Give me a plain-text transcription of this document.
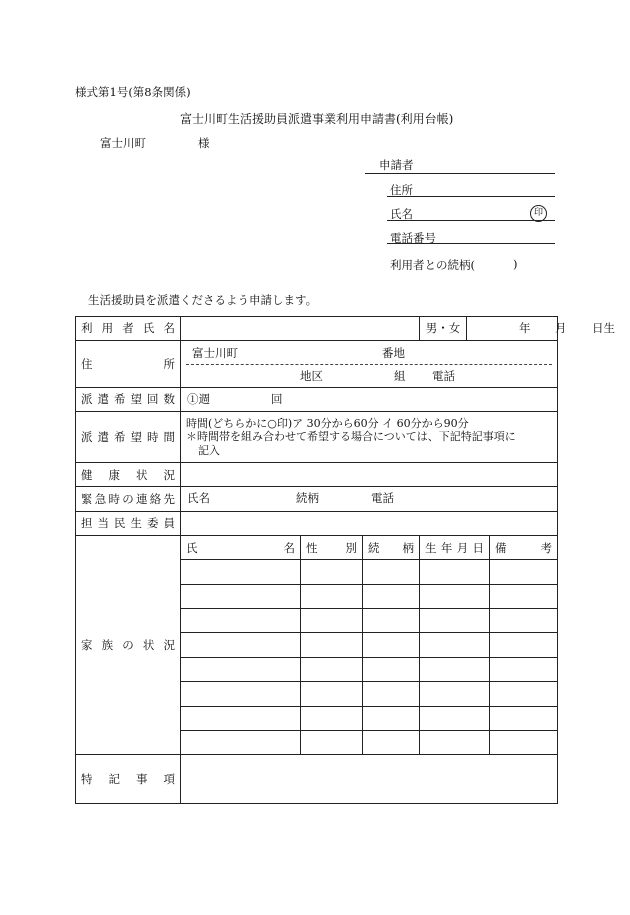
様式第1号(第8条関係)
富士川町生活援助員派遣事業利用申請書(利用台帳)
富士川町	様
申請者
住所
氏名	印
電話番号
利用者との続柄(	)
生活援助員を派遣くださるよう申請します。
利用者氏名				男・女	年 月 日生	

住所	富士川町 番地
地区 組 電話					

派遣希望回数	①週 回					

派遣希望時間	時間(どちらかに○印)ア 30分から60分 イ 60分から90分
＊時間帯を組み合わせて希望する場合については、下記特記事項に
記入					

健康状況						
緊急時の連絡先	氏名 続柄 電話					

担当民生委員						
家族の状況	氏名	性別	続柄	生年月日		備考

特記事項						
